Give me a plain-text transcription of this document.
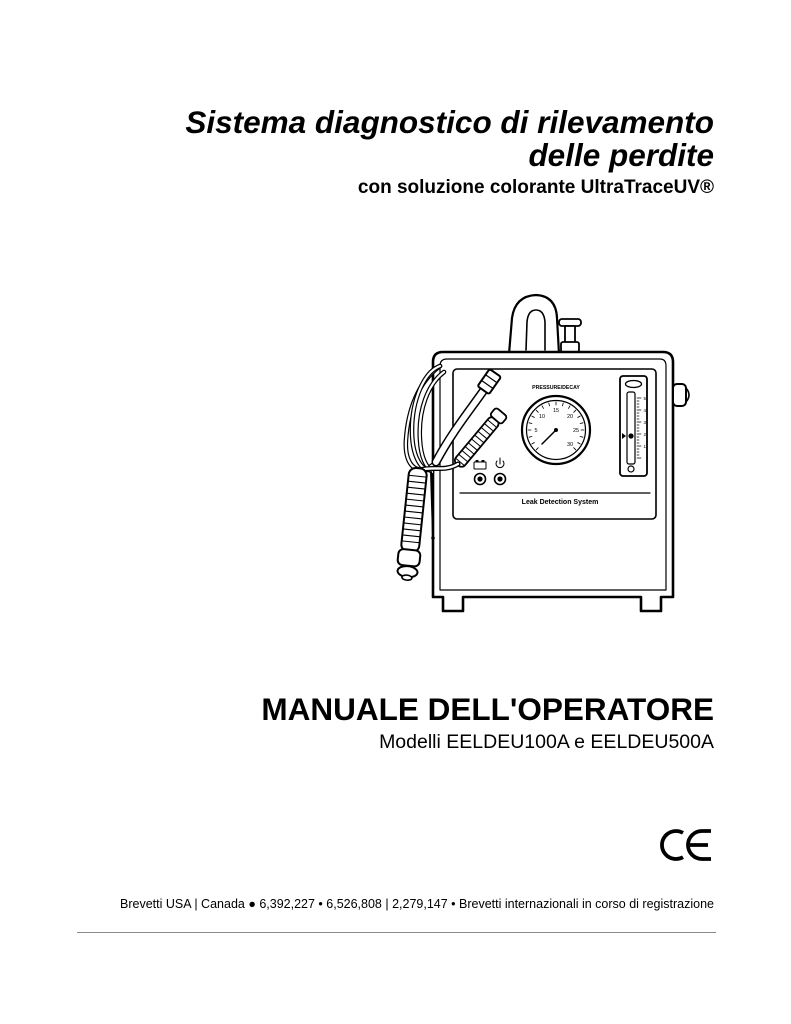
Sistema diagnostico di rilevamento
delle perdite
con soluzione colorante UltraTraceUV®
Leak Detection System
PRESSURE/DECAY
5
10
15
20
25
30
5
4
3
2
1
MANUALE DELL'OPERATORE
Modelli EELDEU100A e EELDEU500A
Brevetti USA | Canada ● 6,392,227 • 6,526,808 | 2,279,147 • Brevetti internazionali in corso di registrazione
